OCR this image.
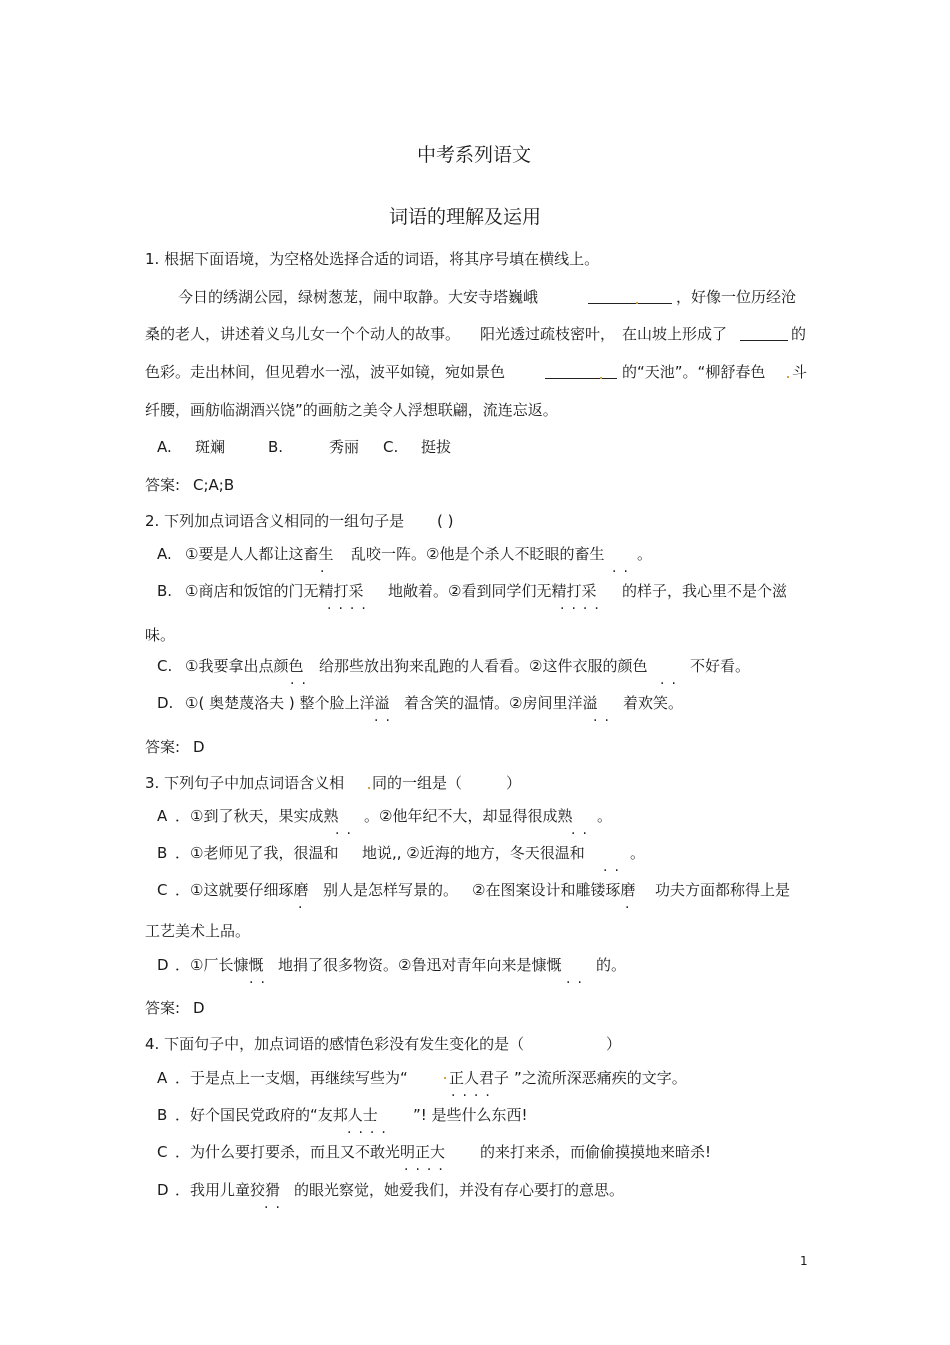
中考系列语文
词语的理解及运用
1. 根据下面语境，为空格处选择合适的词语，将其序号填在横线上。
今日的绣湖公园，绿树葱茏，闹中取静。大安寺塔巍峨	，好像一位历经沧
桑的老人，讲述着义乌儿女一个个动人的故事。 阳光透过疏枝密叶， 在山坡上形成了	的
色彩。走出林间，但见碧水一泓，波平如镜，宛如景色	的“天池”。“柳舒春色 斗
纤腰，画舫临湖酒兴饶”的画舫之美令人浮想联翩，流连忘返。
A. 斑斓	B.	秀丽 C. 挺拔
答案: C;A;B
2. 下列加点词语含义相同的一组句子是 ( )
A. ①要是人人都让这畜生
.
乱咬一阵。②他是个杀人不眨眼的畜生
..
。
B. ①商店和饭馆的门无精打采
....
地敞着。②看到同学们无精打采
....
的样子，我心里不是个滋
味。
C. ①我要拿出点颜色
..
给那些放出狗来乱跑的人看看。②这件衣服的颜色
..
不好看。
D. ①( 奥楚蔑洛夫 ) 整个脸上洋溢
..
着含笑的温情。②房间里洋溢
..
着欢笑。
答案: D
3. 下列句子中加点词语含义相 同的一组是（	）
A ．①到了秋天，果实成熟
..
。②他年纪不大，却显得很成熟
..
。
B ．①老师见了我，很温和 地说,, ②近海的地方，冬天很温和
..
。
C ．①这就要仔细琢磨
.
别人是怎样写景的。 ②在图案设计和雕镂琢磨
.
功夫方面都称得上是
工艺美术上品。
D ．①厂长慷慨
..
地捐了很多物资。②鲁迅对青年向来是慷慨
..
的。
答案: D
4. 下面句子中，加点词语的感情色彩没有发生变化的是（	）
A ．于是点上一支烟，再继续写些为“	正人君子
....
”之流所深恶痛疾的文字。
B ．好个国民党政府的“友邦人士
....
”! 是些什么东西!
C ．为什么要打要杀，而且又不敢光明正大
....
的来打来杀，而偷偷摸摸地来暗杀!
D ．我用儿童狡猾
..
的眼光察觉，她爱我们，并没有存心要打的意思。
1
